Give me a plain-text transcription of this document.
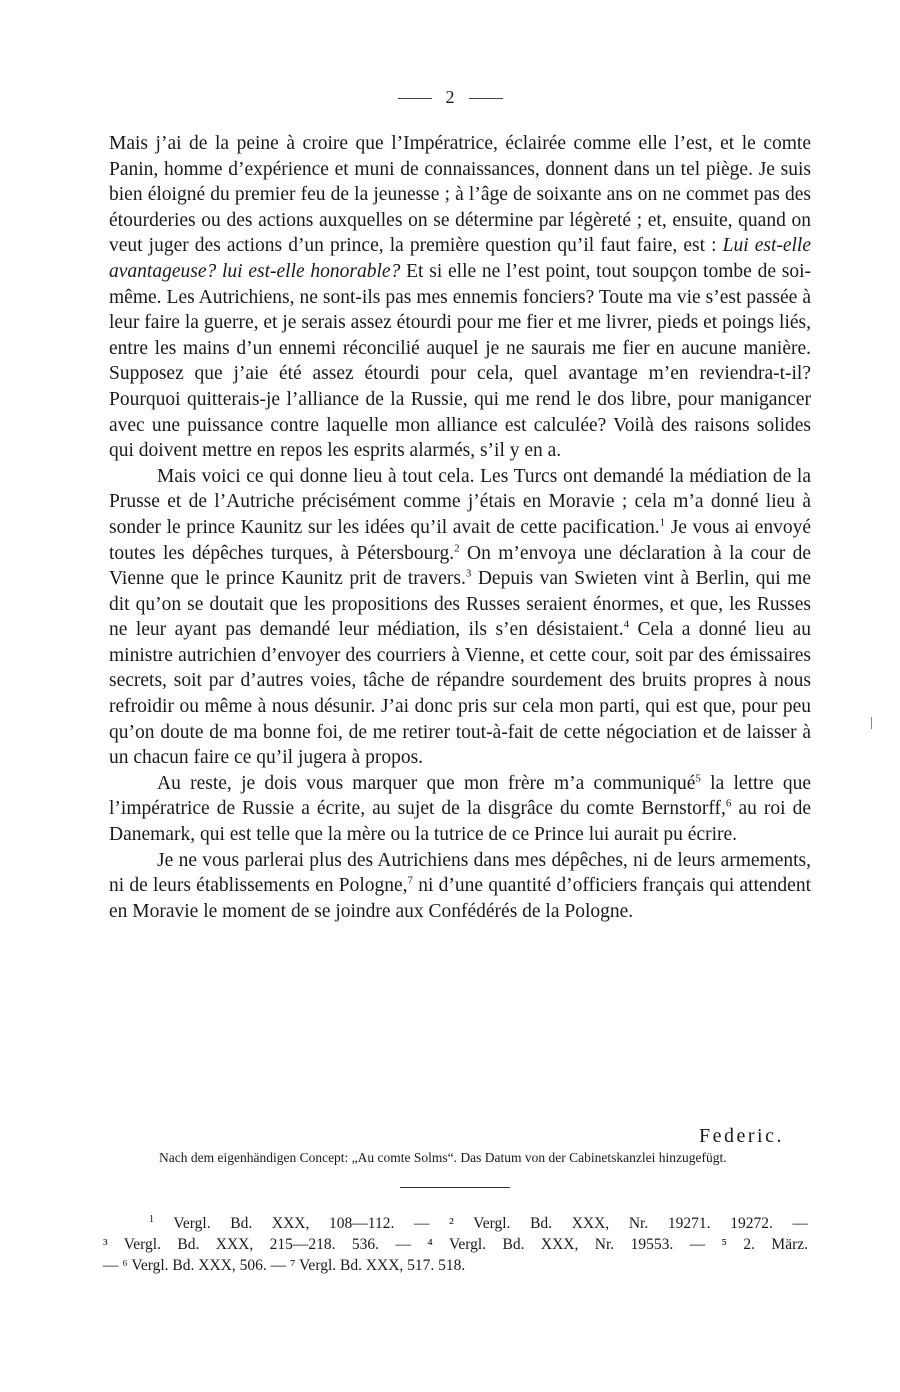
2

Mais j’ai de la peine à croire que l’Impératrice, éclairée comme elle l’est, et le comte Panin, homme d’expérience et muni de connaissances, donnent dans un tel piège. Je suis bien éloigné du premier feu de la jeunesse ; à l’âge de soixante ans on ne commet pas des étourderies ou des actions auxquelles on se détermine par légèreté ; et, ensuite, quand on veut juger des actions d’un prince, la première question qu’il faut faire, est : Lui est-elle avantageuse? lui est-elle honorable? Et si elle ne l’est point, tout soupçon tombe de soi-même. Les Autrichiens, ne sont-ils pas mes ennemis fonciers? Toute ma vie s’est passée à leur faire la guerre, et je serais assez étourdi pour me fier et me livrer, pieds et poings liés, entre les mains d’un ennemi réconcilié auquel je ne saurais me fier en aucune manière. Supposez que j’aie été assez étourdi pour cela, quel avantage m’en reviendra-t-il? Pourquoi quitterais-je l’alliance de la Russie, qui me rend le dos libre, pour manigancer avec une puissance contre laquelle mon alliance est calculée? Voilà des raisons solides qui doivent mettre en repos les esprits alarmés, s’il y en a.

Mais voici ce qui donne lieu à tout cela. Les Turcs ont demandé la médiation de la Prusse et de l’Autriche précisément comme j’étais en Moravie ; cela m’a donné lieu à sonder le prince Kaunitz sur les idées qu’il avait de cette pacification.$^1$ Je vous ai envoyé toutes les dépêches turques, à Pétersbourg.$^2$ On m’envoya une déclaration à la cour de Vienne que le prince Kaunitz prit de travers.$^3$ Depuis van Swieten vint à Berlin, qui me dit qu’on se doutait que les propositions des Russes seraient énormes, et que, les Russes ne leur ayant pas demandé leur médiation, ils s’en désistaient.$^4$ Cela a donné lieu au ministre autrichien d’envoyer des courriers à Vienne, et cette cour, soit par des émissaires secrets, soit par d’autres voies, tâche de répandre sourdement des bruits propres à nous refroidir ou même à nous désunir. J’ai donc pris sur cela mon parti, qui est que, pour peu qu’on doute de ma bonne foi, de me retirer tout-à-fait de cette négociation et de laisser à un chacun faire ce qu’il jugera à propos.

Au reste, je dois vous marquer que mon frère m’a communiqué$^5$ la lettre que l’impératrice de Russie a écrite, au sujet de la disgrâce du comte Bernstorff,$^6$ au roi de Danemark, qui est telle que la mère ou la tutrice de ce Prince lui aurait pu écrire.

Je ne vous parlerai plus des Autrichiens dans mes dépêches, ni de leurs armements, ni de leurs établissements en Pologne,$^7$ ni d’une quantité d’officiers français qui attendent en Moravie le moment de se joindre aux Confédérés de la Pologne.

Federic.
Nach dem eigenhändigen Concept: „Au comte Solms“. Das Datum von der Cabinetskanzlei hinzugefügt.

$^1$ Vergl. Bd. XXX, 108—112. — ² Vergl. Bd. XXX, Nr. 19271. 19272. —

³ Vergl. Bd. XXX, 215—218. 536. — ⁴ Vergl. Bd. XXX, Nr. 19553. — ⁵ 2. März.

— ⁶ Vergl. Bd. XXX, 506. — ⁷ Vergl. Bd. XXX, 517. 518.
